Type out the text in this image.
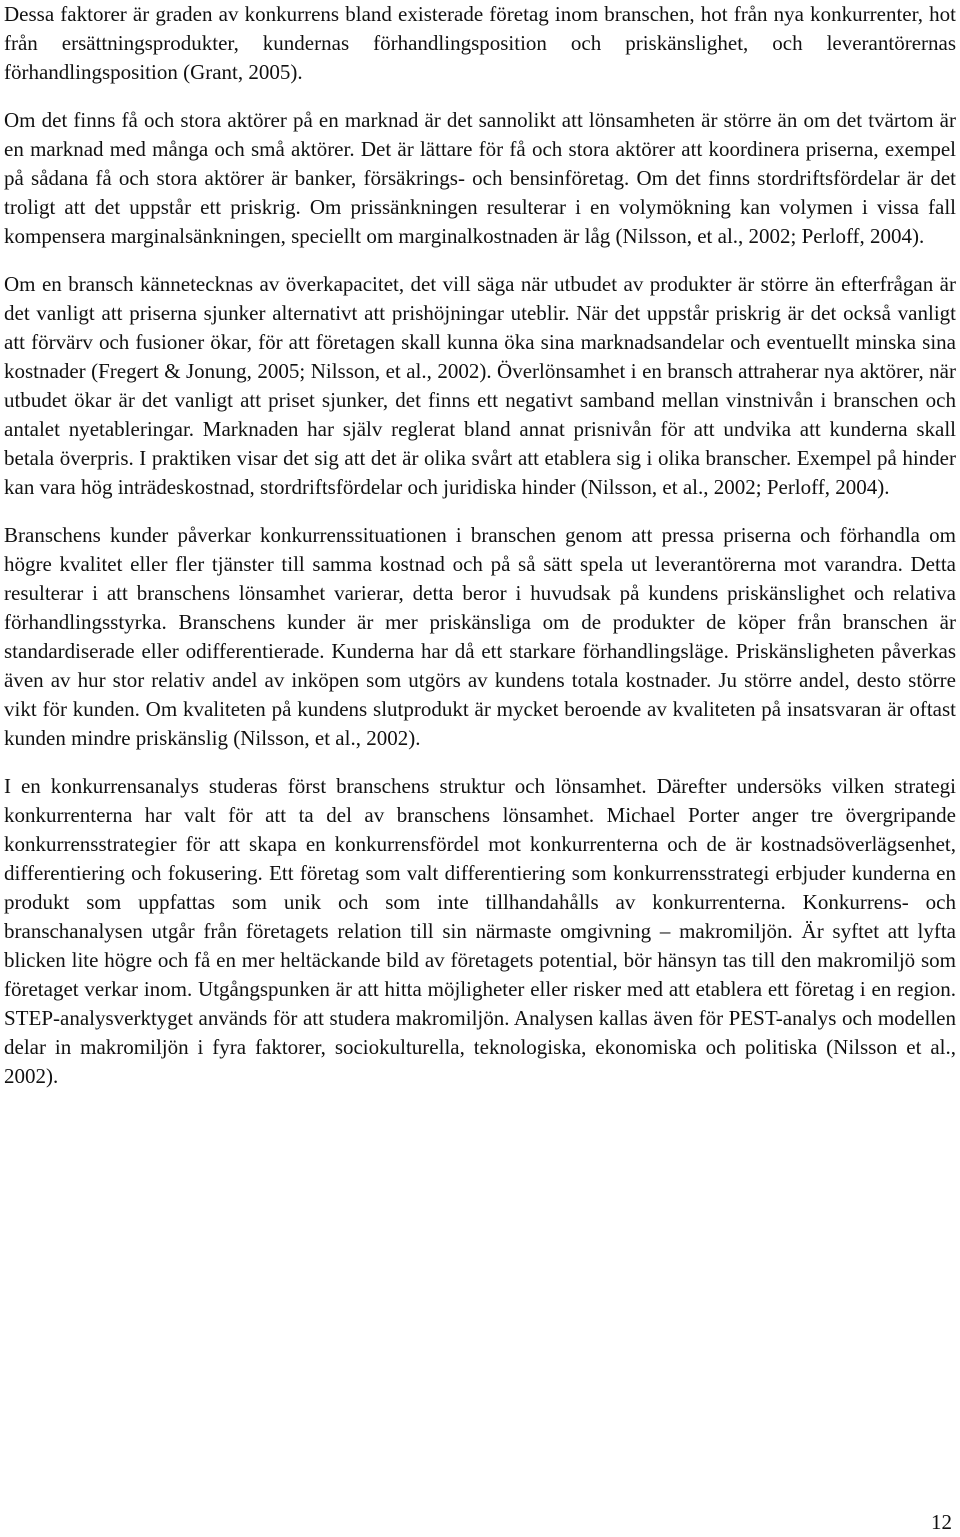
Dessa faktorer är graden av konkurrens bland existerade företag inom branschen, hot från nya konkurrenter, hot från ersättningsprodukter, kundernas förhandlingsposition och priskänslighet, och leverantörernas förhandlingsposition (Grant, 2005).

Om det finns få och stora aktörer på en marknad är det sannolikt att lönsamheten är större än om det tvärtom är en marknad med många och små aktörer. Det är lättare för få och stora aktörer att koordinera priserna, exempel på sådana få och stora aktörer är banker, försäkrings- och bensinföretag. Om det finns stordriftsfördelar är det troligt att det uppstår ett priskrig. Om prissänkningen resulterar i en volymökning kan volymen i vissa fall kompensera marginalsänkningen, speciellt om marginalkostnaden är låg (Nilsson, et al., 2002; Perloff, 2004).

Om en bransch kännetecknas av överkapacitet, det vill säga när utbudet av produkter är större än efterfrågan är det vanligt att priserna sjunker alternativt att prishöjningar uteblir. När det uppstår priskrig är det också vanligt att förvärv och fusioner ökar, för att företagen skall kunna öka sina marknadsandelar och eventuellt minska sina kostnader (Fregert & Jonung, 2005; Nilsson, et al., 2002). Överlönsamhet i en bransch attraherar nya aktörer, när utbudet ökar är det vanligt att priset sjunker, det finns ett negativt samband mellan vinstnivån i branschen och antalet nyetableringar. Marknaden har själv reglerat bland annat prisnivån för att undvika att kunderna skall betala överpris. I praktiken visar det sig att det är olika svårt att etablera sig i olika branscher. Exempel på hinder kan vara hög inträdeskostnad, stordriftsfördelar och juridiska hinder (Nilsson, et al., 2002; Perloff, 2004).

Branschens kunder påverkar konkurrenssituationen i branschen genom att pressa priserna och förhandla om högre kvalitet eller fler tjänster till samma kostnad och på så sätt spela ut leverantörerna mot varandra. Detta resulterar i att branschens lönsamhet varierar, detta beror i huvudsak på kundens priskänslighet och relativa förhandlingsstyrka. Branschens kunder är mer priskänsliga om de produkter de köper från branschen är standardiserade eller odifferentierade. Kunderna har då ett starkare förhandlingsläge. Priskänsligheten påverkas även av hur stor relativ andel av inköpen som utgörs av kundens totala kostnader. Ju större andel, desto större vikt för kunden. Om kvaliteten på kundens slutprodukt är mycket beroende av kvaliteten på insatsvaran är oftast kunden mindre priskänslig (Nilsson, et al., 2002).

I en konkurrensanalys studeras först branschens struktur och lönsamhet. Därefter undersöks vilken strategi konkurrenterna har valt för att ta del av branschens lönsamhet. Michael Porter anger tre övergripande konkurrensstrategier för att skapa en konkurrensfördel mot konkurrenterna och de är kostnadsöverlägsenhet, differentiering och fokusering. Ett företag som valt differentiering som konkurrensstrategi erbjuder kunderna en produkt som uppfattas som unik och som inte tillhandahålls av konkurrenterna. Konkurrens- och branschanalysen utgår från företagets relation till sin närmaste omgivning – makromiljön. Är syftet att lyfta blicken lite högre och få en mer heltäckande bild av företagets potential, bör hänsyn tas till den makromiljö som företaget verkar inom. Utgångspunken är att hitta möjligheter eller risker med att etablera ett företag i en region. STEP-analysverktyget används för att studera makromiljön. Analysen kallas även för PEST-analys och modellen delar in makromiljön i fyra faktorer, sociokulturella, teknologiska, ekonomiska och politiska (Nilsson et al., 2002).

12
